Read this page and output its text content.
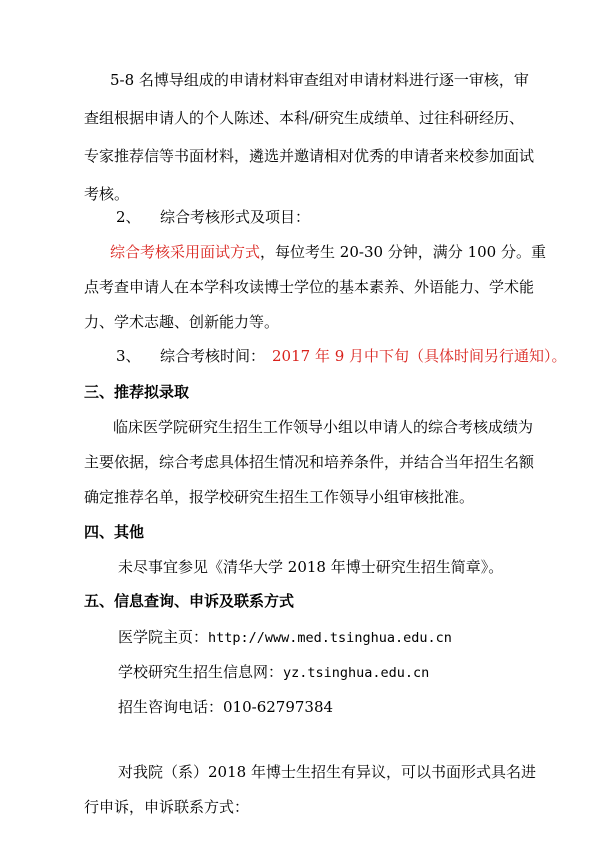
5-8 名博导组成的申请材料审查组对申请材料进行逐一审核，审
查组根据申请人的个人陈述、本科/研究生成绩单、过往科研经历、
专家推荐信等书面材料，遴选并邀请相对优秀的申请者来校参加面试
考核。
2、 综合考核形式及项目：
综合考核采用面试方式，每位考生 20-30 分钟，满分 100 分。重
点考查申请人在本学科攻读博士学位的基本素养、外语能力、学术能
力、学术志趣、创新能力等。
3、 综合考核时间： 2017 年 9 月中下旬（具体时间另行通知）。
三、推荐拟录取
临床医学院研究生招生工作领导小组以申请人的综合考核成绩为
主要依据，综合考虑具体招生情况和培养条件，并结合当年招生名额
确定推荐名单，报学校研究生招生工作领导小组审核批准。
四、其他
未尽事宜参见《清华大学 2018 年博士研究生招生简章》。
五、信息查询、申诉及联系方式
医学院主页：http://www.med.tsinghua.edu.cn
学校研究生招生信息网：yz.tsinghua.edu.cn
招生咨询电话：010-62797384
对我院（系）2018 年博士生招生有异议，可以书面形式具名进
行申诉，申诉联系方式：
